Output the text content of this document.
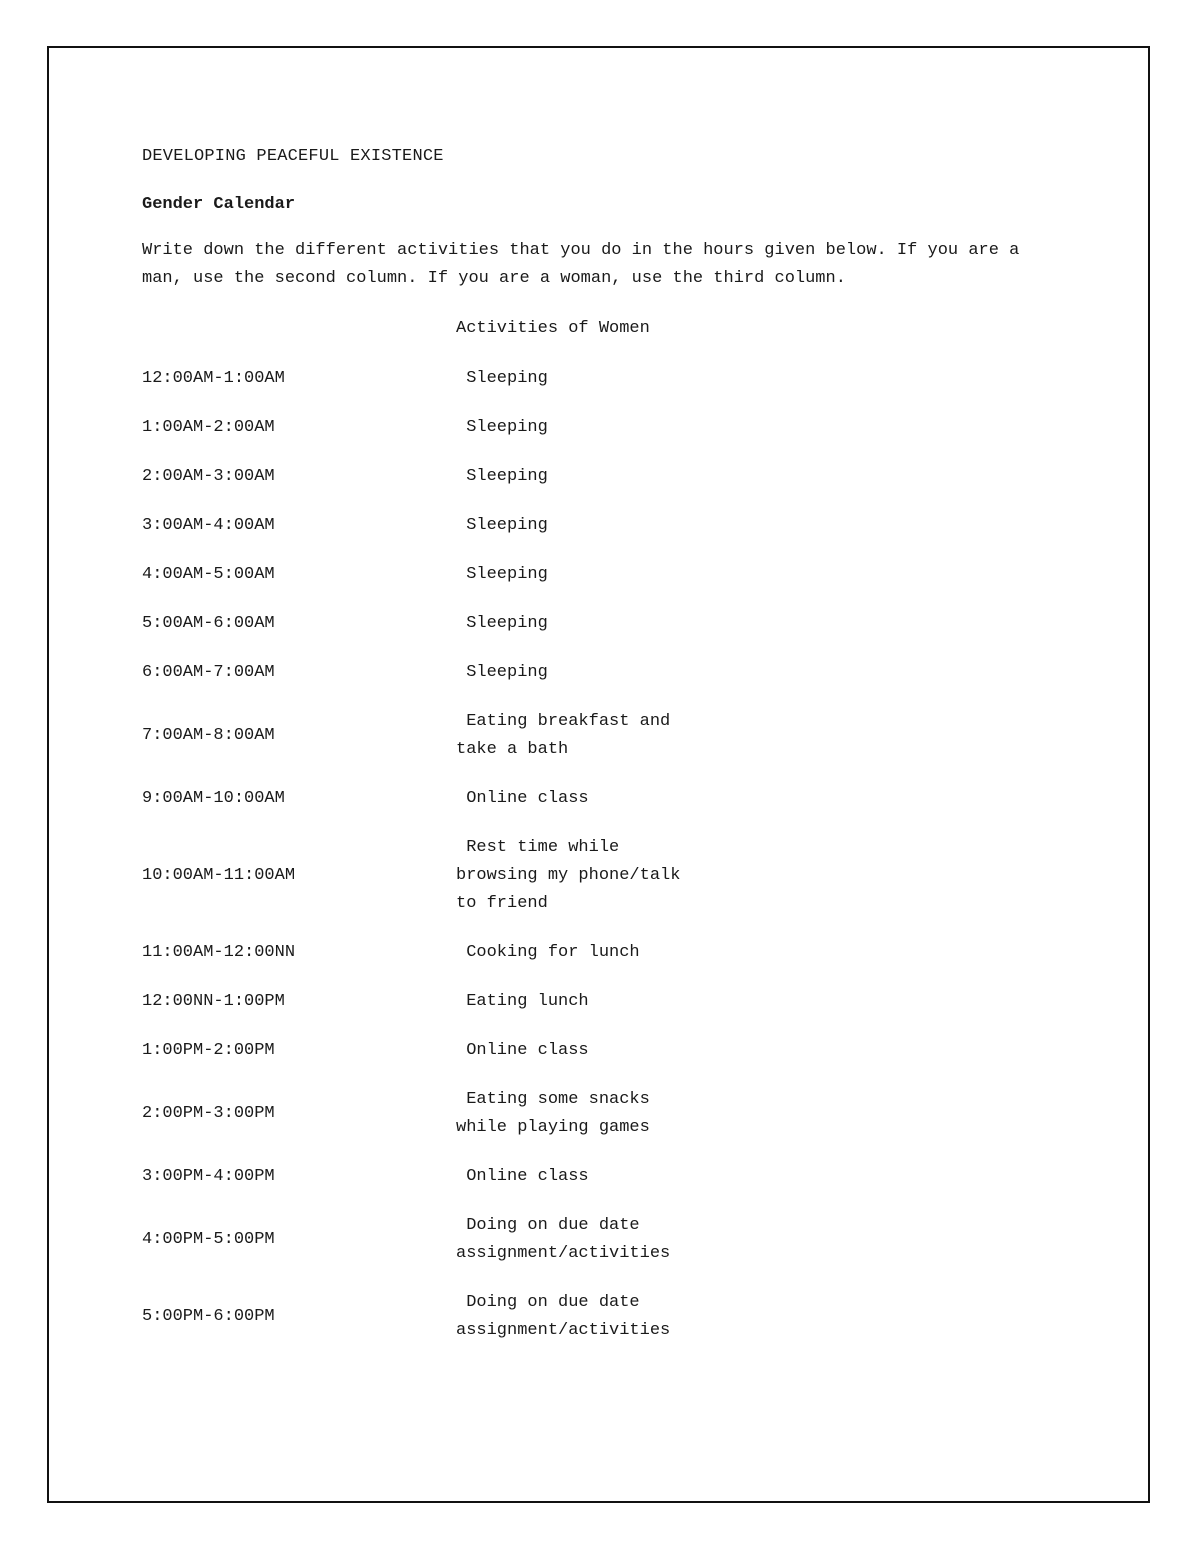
DEVELOPING PEACEFUL EXISTENCE
Gender Calendar

Write down the different activities that you do in the hours given below. If you are a man, use the second column. If you are a woman, use the third column.

Activities of Women
12:00AM-1:00AM	Sleeping
1:00AM-2:00AM	Sleeping
2:00AM-3:00AM	Sleeping
3:00AM-4:00AM	Sleeping
4:00AM-5:00AM	Sleeping
5:00AM-6:00AM	Sleeping
6:00AM-7:00AM	Sleeping
7:00AM-8:00AM
Eating breakfast and
take a bath
9:00AM-10:00AM	Online class
10:00AM-11:00AM
Rest time while
browsing my phone/talk
to friend
11:00AM-12:00NN	Cooking for lunch
12:00NN-1:00PM	Eating lunch
1:00PM-2:00PM	Online class
2:00PM-3:00PM
Eating some snacks
while playing games
3:00PM-4:00PM	Online class
4:00PM-5:00PM
Doing on due date
assignment/activities
5:00PM-6:00PM
Doing on due date
assignment/activities
